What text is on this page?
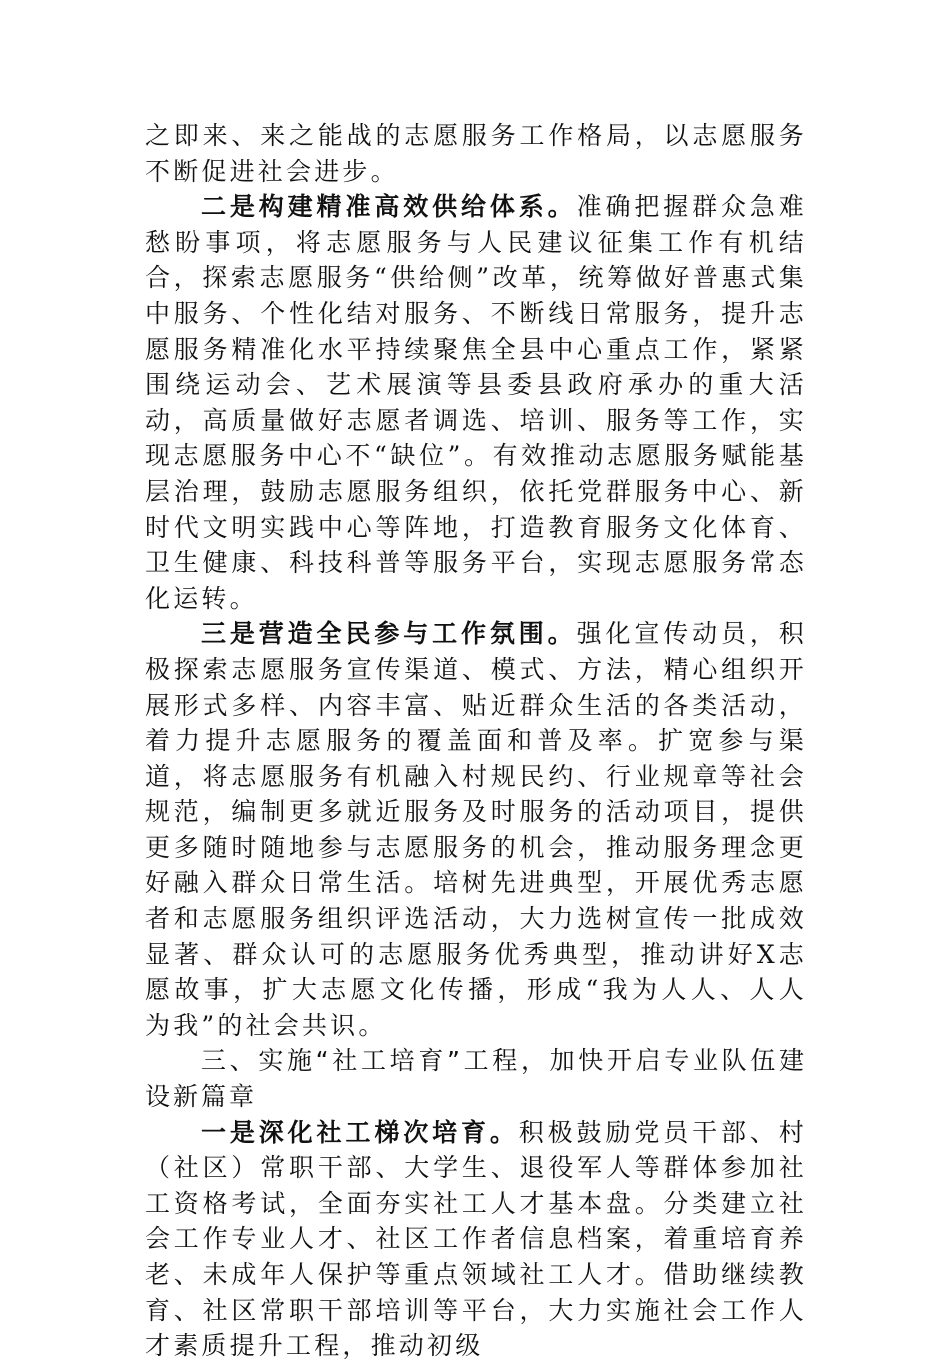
之即来、来之能战的志愿服务工作格局，以志愿服务不断促进社会进步。

二是构建精准高效供给体系。准确把握群众急难愁盼事项，将志愿服务与人民建议征集工作有机结合，探索志愿服务“供给侧”改革，统筹做好普惠式集中服务、个性化结对服务、不断线日常服务，提升志愿服务精准化水平持续聚焦全县中心重点工作，紧紧围绕运动会、艺术展演等县委县政府承办的重大活动，高质量做好志愿者调选、培训、服务等工作，实现志愿服务中心不“缺位”。有效推动志愿服务赋能基层治理，鼓励志愿服务组织，依托党群服务中心、新时代文明实践中心等阵地，打造教育服务文化体育、卫生健康、科技科普等服务平台，实现志愿服务常态化运转。

三是营造全民参与工作氛围。强化宣传动员，积极探索志愿服务宣传渠道、模式、方法，精心组织开展形式多样、内容丰富、贴近群众生活的各类活动，着力提升志愿服务的覆盖面和普及率。扩宽参与渠道，将志愿服务有机融入村规民约、行业规章等社会规范，编制更多就近服务及时服务的活动项目，提供更多随时随地参与志愿服务的机会，推动服务理念更好融入群众日常生活。培树先进典型，开展优秀志愿者和志愿服务组织评选活动，大力选树宣传一批成效显著、群众认可的志愿服务优秀典型，推动讲好X志愿故事，扩大志愿文化传播，形成“我为人人、人人为我”的社会共识。

三、实施“社工培育”工程，加快开启专业队伍建设新篇章

一是深化社工梯次培育。积极鼓励党员干部、村（社区）常职干部、大学生、退役军人等群体参加社工资格考试，全面夯实社工人才基本盘。分类建立社会工作专业人才、社区工作者信息档案，着重培育养老、未成年人保护等重点领域社工人才。借助继续教育、社区常职干部培训等平台，大力实施社会工作人才素质提升工程，推动初级
